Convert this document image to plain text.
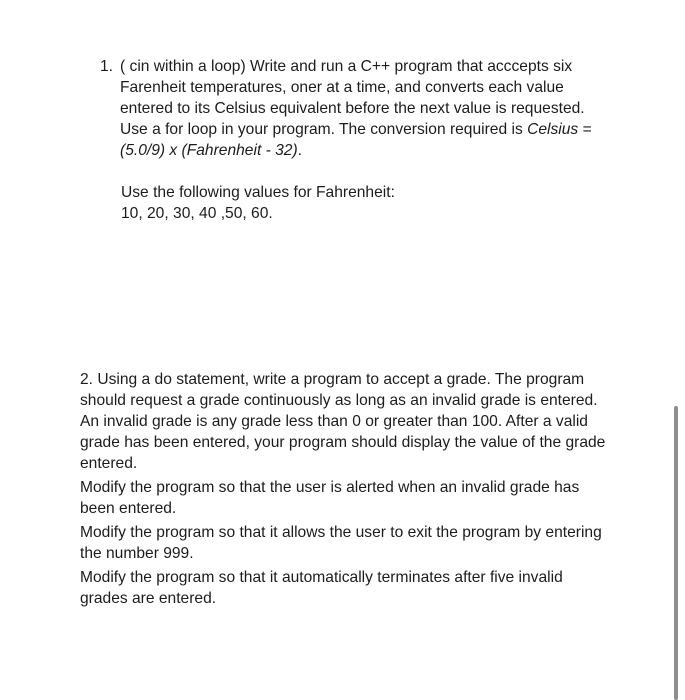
1. ( cin within a loop) Write and run a C++ program that acccepts six Farenheit temperatures, oner at a time, and converts each value entered to its Celsius equivalent before the next value is requested. Use a for loop in your program. The conversion required is Celsius = (5.0/9) x (Fahrenheit - 32).
Use the following values for Fahrenheit:
10, 20, 30, 40 ,50, 60.

2. Using a do statement, write a program to accept a grade. The program should request a grade continuously as long as an invalid grade is entered. An invalid grade is any grade less than 0 or greater than 100. After a valid grade has been entered, your program should display the value of the grade entered.

Modify the program so that the user is alerted when an invalid grade has been entered.

Modify the program so that it allows the user to exit the program by entering the number 999.

Modify the program so that it automatically terminates after five invalid grades are entered.
